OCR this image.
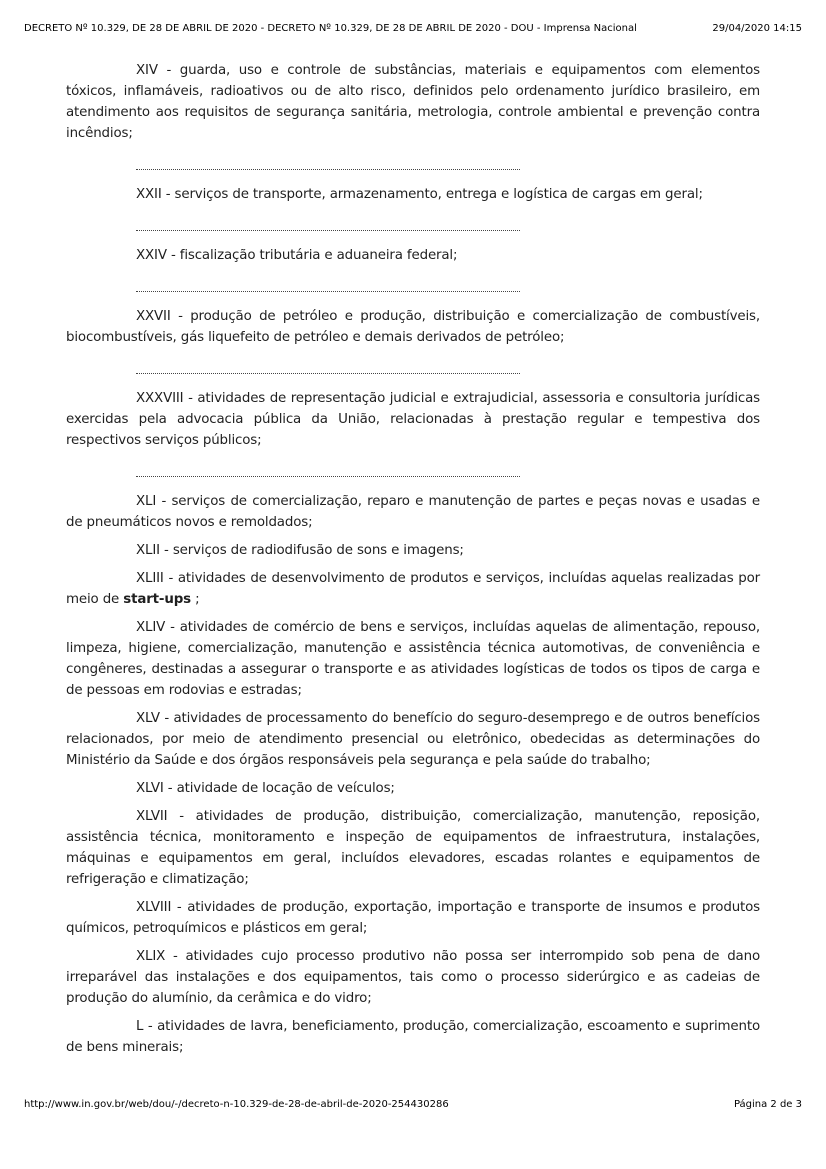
DECRETO Nº 10.329, DE 28 DE ABRIL DE 2020 - DECRETO Nº 10.329, DE 28 DE ABRIL DE 2020 - DOU - Imprensa Nacional	29/04/2020 14:15

XIV - guarda, uso e controle de substâncias, materiais e equipamentos com elementos tóxicos, inflamáveis, radioativos ou de alto risco, definidos pelo ordenamento jurídico brasileiro, em atendimento aos requisitos de segurança sanitária, metrologia, controle ambiental e prevenção contra incêndios;

XXII - serviços de transporte, armazenamento, entrega e logística de cargas em geral;

XXIV - fiscalização tributária e aduaneira federal;

XXVII - produção de petróleo e produção, distribuição e comercialização de combustíveis, biocombustíveis, gás liquefeito de petróleo e demais derivados de petróleo;

XXXVIII - atividades de representação judicial e extrajudicial, assessoria e consultoria jurídicas exercidas pela advocacia pública da União, relacionadas à prestação regular e tempestiva dos respectivos serviços públicos;

XLI - serviços de comercialização, reparo e manutenção de partes e peças novas e usadas e de pneumáticos novos e remoldados;

XLII - serviços de radiodifusão de sons e imagens;

XLIII - atividades de desenvolvimento de produtos e serviços, incluídas aquelas realizadas por meio de start-ups ;

XLIV - atividades de comércio de bens e serviços, incluídas aquelas de alimentação, repouso, limpeza, higiene, comercialização, manutenção e assistência técnica automotivas, de conveniência e congêneres, destinadas a assegurar o transporte e as atividades logísticas de todos os tipos de carga e de pessoas em rodovias e estradas;

XLV - atividades de processamento do benefício do seguro-desemprego e de outros benefícios relacionados, por meio de atendimento presencial ou eletrônico, obedecidas as determinações do Ministério da Saúde e dos órgãos responsáveis pela segurança e pela saúde do trabalho;

XLVI - atividade de locação de veículos;

XLVII - atividades de produção, distribuição, comercialização, manutenção, reposição, assistência técnica, monitoramento e inspeção de equipamentos de infraestrutura, instalações, máquinas e equipamentos em geral, incluídos elevadores, escadas rolantes e equipamentos de refrigeração e climatização;

XLVIII - atividades de produção, exportação, importação e transporte de insumos e produtos químicos, petroquímicos e plásticos em geral;

XLIX - atividades cujo processo produtivo não possa ser interrompido sob pena de dano irreparável das instalações e dos equipamentos, tais como o processo siderúrgico e as cadeias de produção do alumínio, da cerâmica e do vidro;

L - atividades de lavra, beneficiamento, produção, comercialização, escoamento e suprimento de bens minerais;

http://www.in.gov.br/web/dou/-/decreto-n-10.329-de-28-de-abril-de-2020-254430286	Página 2 de 3
